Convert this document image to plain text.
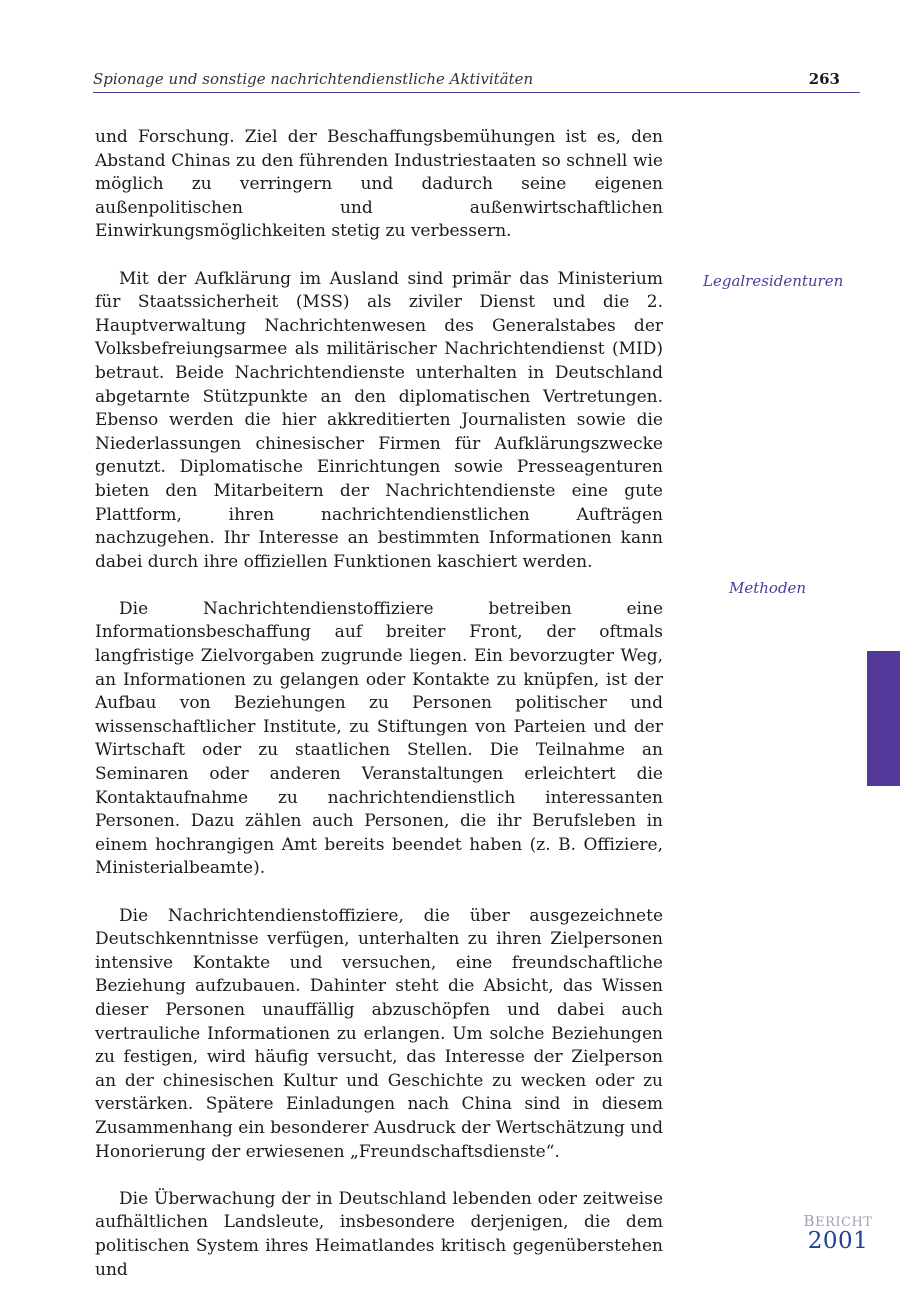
Spionage und sonstige nachrichtendienstliche Aktivitäten	263

und Forschung. Ziel der Beschaffungsbemühungen ist es, den Abstand Chinas zu den führenden Industriestaaten so schnell wie möglich zu verringern und dadurch seine eigenen außenpolitischen und außenwirtschaftlichen Einwirkungsmöglichkeiten stetig zu verbessern.

Mit der Aufklärung im Ausland sind primär das Ministerium für Staatssicherheit (MSS) als ziviler Dienst und die 2. Hauptverwaltung Nachrichtenwesen des Generalstabes der Volksbefreiungsarmee als militärischer Nachrichtendienst (MID) betraut. Beide Nachrichtendienste unterhalten in Deutschland abgetarnte Stützpunkte an den diplomatischen Vertretungen. Ebenso werden die hier akkreditierten Journalisten sowie die Niederlassungen chinesischer Firmen für Aufklärungszwecke genutzt. Diplomatische Einrichtungen sowie Presseagenturen bieten den Mitarbeitern der Nachrichtendienste eine gute Plattform, ihren nachrichtendienstlichen Aufträgen nachzugehen. Ihr Interesse an bestimmten Informationen kann dabei durch ihre offiziellen Funktionen kaschiert werden.

Die Nachrichtendienstoffiziere betreiben eine Informationsbeschaffung auf breiter Front, der oftmals langfristige Zielvorgaben zugrunde liegen. Ein bevorzugter Weg, an Informationen zu gelangen oder Kontakte zu knüpfen, ist der Aufbau von Beziehungen zu Personen politischer und wissenschaftlicher Institute, zu Stiftungen von Parteien und der Wirtschaft oder zu staatlichen Stellen. Die Teilnahme an Seminaren oder anderen Veranstaltungen erleichtert die Kontaktaufnahme zu nachrichtendienstlich interessanten Personen. Dazu zählen auch Personen, die ihr Berufsleben in einem hochrangigen Amt bereits beendet haben (z. B. Offiziere, Ministerialbeamte).

Die Nachrichtendienstoffiziere, die über ausgezeichnete Deutschkenntnisse verfügen, unterhalten zu ihren Zielpersonen intensive Kontakte und versuchen, eine freundschaftliche Beziehung aufzubauen. Dahinter steht die Absicht, das Wissen dieser Personen unauffällig abzuschöpfen und dabei auch vertrauliche Informationen zu erlangen. Um solche Beziehungen zu festigen, wird häufig versucht, das Interesse der Zielperson an der chinesischen Kultur und Geschichte zu wecken oder zu verstärken. Spätere Einladungen nach China sind in diesem Zusammenhang ein besonderer Ausdruck der Wertschätzung und Honorierung der erwiesenen „Freundschaftsdienste“.

Die Überwachung der in Deutschland lebenden oder zeitweise aufhältlichen Landsleute, insbesondere derjenigen, die dem politischen System ihres Heimatlandes kritisch gegenüberstehen und

Legalresidenturen
Methoden
BERICHT
2001
